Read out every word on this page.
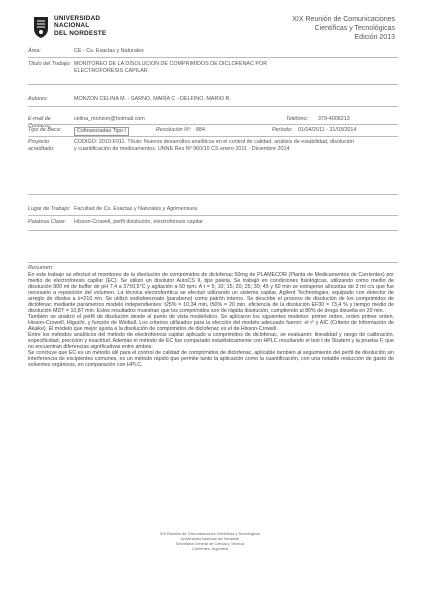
UNIVERSIDAD
NACIONAL
DEL NORDESTE
XIX Reunión de Comunicaciones
Científicas y Tecnológicas
Edición 2013
Área:	CE - Cs. Exactas y Naturales
Título del Trabajo: MONITOREO DE LA DISOLUCION DE COMPRIMIDOS DE DICLOFENAC POR ELECTROFORESIS CAPILAR
Autores:	MONZON CELINA M. - SARNO, MARÍA C - DELFINO, MARIO R.
E-mail de Contacto:
celina_monzon@hotmail.com	Teléfono: 379-4008213
Tipo de Beca:	Cofinanciadas Tipo I	Resolución Nº: 884	Período: 01/04/2011 - 31/03/2014
Proyecto acreditado:
CODIGO: 2010-F011. Título: Nuevos desarrollos analíticos en el control de calidad, análisis de estabilidad, disolución y cuantificación de medicamentos. UNNE Res Nº 960/10 CS enero 2011 - Diciembre 2014
Lugar de Trabajo: Facultad de Cs. Exactas y Naturales y Agrimensura
Palabras Clave:	Hixson-Crowell, perfil disolución, electroforesis capilar
Resumen:

En este trabajo se efectuó el monitoreo de la disolución de comprimidos de diclofenac 50mg de PLAMECOR (Planta de Medicamentos de Corrientes) por medio de electroforesis capilar (EC). Se utilizó un disolutor AutoCS II, tipo paleta. Se trabajó en condiciones fisiológicas, utilizando como medio de disolución 900 ml de buffer de pH 7,4 a 37±0,5°C y agitación a 50 rpm. A t = 5; 10; 15; 20; 25; 30; 45 y 60 min se extrajeron alícuotas de 3 ml c/u que fue necesario a reposición del volumen. La técnica electroforética se efectuó utilizando un sistema capilar, Agilent Technologies, equipado con detector de arreglo de diodos a λ=210 nm. Se utilizó sodiobenzoato (parabeno) como patrón interno. Se describe el proceso de disolución de los comprimidos de diclofenac mediante parámetros modelo independientes: t25% = 10,34 min, t50% = 20 min, eficiencia de la disolución EF30 = 73,4 % y tiempo medio de disolución MDT = 10,87 min. Estos resultados muestran que los comprimidos son de rápida disolución, cumpliendo al 80% de droga disuelta en 20 min.

También se analizó el perfil de disolución desde el punto de vista modelístico. Se aplicaron los siguientes modelos: primer orden, orden primer orden, Hixson-Crowell, Higuchi, y función de Weibull. Los criterios utilizados para la elección del modelo adecuado fueron: el r² y AIC (Criterio de Información de Akaike). El modelo que mejor ajusta a la disolución de comprimidos de diclofenac es el de Hixson-Crowell.

Entre los métodos analíticos del método de electroforesis capilar aplicado a comprimidos de diclofenac, se evaluaron: linealidad y rango de calibración, especificidad, precisión y exactitud. Además el método de EC fue comparado estadísticamente con HPLC resultando el test t de Student y la prueba F, que no encuentran diferencias significativas entre ambos.

Se concluye que EC es un método útil para el control de calidad de comprimidos de diclofenac, aplicable también al seguimiento del perfil de disolución sin interferencia de excipientes comunes, es un método rápido que permite tanto la aplicación como la cuantificación, con una notable reducción de gasto de solventes orgánicos, en comparación con HPLC.

XIX Reunión de Comunicaciones Científicas y Tecnológicas
Universidad Nacional del Nordeste
Secretaría General de Ciencia y Técnica
Corrientes, Argentina
